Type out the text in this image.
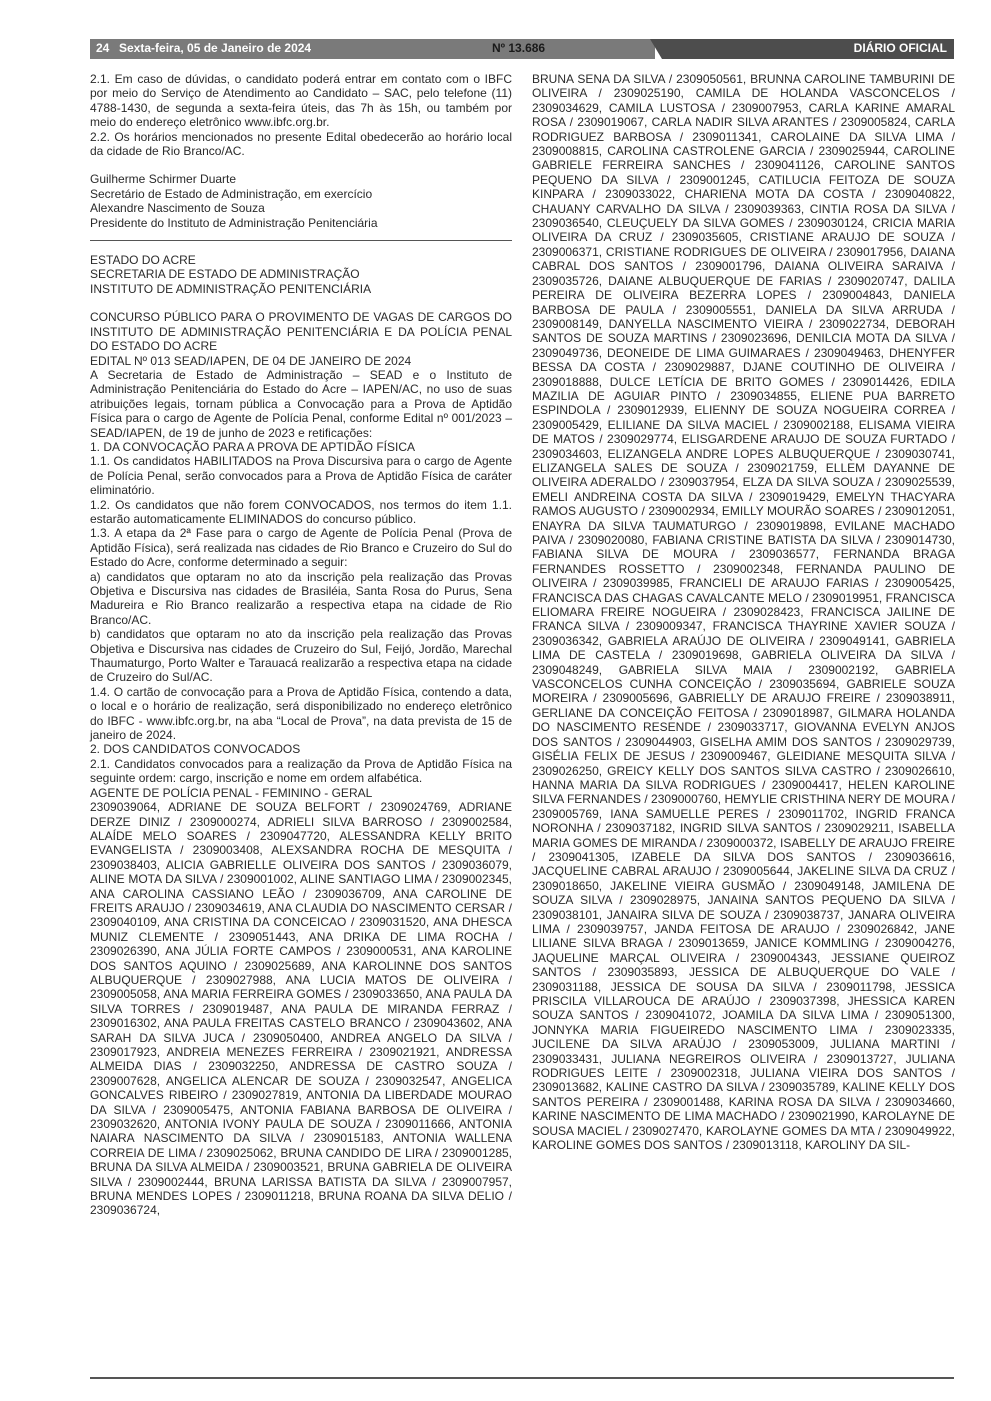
24 Sexta-feira, 05 de Janeiro de 2024	Nº 13.686	DIÁRIO OFICIAL

2.1. Em caso de dúvidas, o candidato poderá entrar em contato com o IBFC por meio do Serviço de Atendimento ao Candidato – SAC, pelo telefone (11) 4788-1430, de segunda a sexta-feira úteis, das 7h às 15h, ou também por meio do endereço eletrônico www.ibfc.org.br.

2.2. Os horários mencionados no presente Edital obedecerão ao horário local da cidade de Rio Branco/AC.

Guilherme Schirmer Duarte

Secretário de Estado de Administração, em exercício

Alexandre Nascimento de Souza

Presidente do Instituto de Administração Penitenciária

ESTADO DO ACRE

SECRETARIA DE ESTADO DE ADMINISTRAÇÃO

INSTITUTO DE ADMINISTRAÇÃO PENITENCIÁRIA

CONCURSO PÚBLICO PARA O PROVIMENTO DE VAGAS DE CARGOS DO INSTITUTO DE ADMINISTRAÇÃO PENITENCIÁRIA E DA POLÍCIA PENAL DO ESTADO DO ACRE

EDITAL Nº 013 SEAD/IAPEN, DE 04 DE JANEIRO DE 2024

A Secretaria de Estado de Administração – SEAD e o Instituto de Administração Penitenciária do Estado do Acre – IAPEN/AC, no uso de suas atribuições legais, tornam pública a Convocação para a Prova de Aptidão Física para o cargo de Agente de Polícia Penal, conforme Edital nº 001/2023 – SEAD/IAPEN, de 19 de junho de 2023 e retificações:

1. DA CONVOCAÇÃO PARA A PROVA DE APTIDÃO FÍSICA

1.1. Os candidatos HABILITADOS na Prova Discursiva para o cargo de Agente de Polícia Penal, serão convocados para a Prova de Aptidão Física de caráter eliminatório.

1.2. Os candidatos que não forem CONVOCADOS, nos termos do item 1.1. estarão automaticamente ELIMINADOS do concurso público.

1.3. A etapa da 2ª Fase para o cargo de Agente de Polícia Penal (Prova de Aptidão Física), será realizada nas cidades de Rio Branco e Cruzeiro do Sul do Estado do Acre, conforme determinado a seguir:

a) candidatos que optaram no ato da inscrição pela realização das Provas Objetiva e Discursiva nas cidades de Brasiléia, Santa Rosa do Purus, Sena Madureira e Rio Branco realizarão a respectiva etapa na cidade de Rio Branco/AC.

b) candidatos que optaram no ato da inscrição pela realização das Provas Objetiva e Discursiva nas cidades de Cruzeiro do Sul, Feijó, Jordão, Marechal Thaumaturgo, Porto Walter e Tarauacá realizarão a respectiva etapa na cidade de Cruzeiro do Sul/AC.

1.4. O cartão de convocação para a Prova de Aptidão Física, contendo a data, o local e o horário de realização, será disponibilizado no endereço eletrônico do IBFC - www.ibfc.org.br, na aba “Local de Prova”, na data prevista de 15 de janeiro de 2024.

2. DOS CANDIDATOS CONVOCADOS

2.1. Candidatos convocados para a realização da Prova de Aptidão Física na seguinte ordem: cargo, inscrição e nome em ordem alfabética.

AGENTE DE POLÍCIA PENAL - FEMININO - GERAL

2309039064, ADRIANE DE SOUZA BELFORT / 2309024769, ADRIANE DERZE DINIZ / 2309000274, ADRIELI SILVA BARROSO / 2309002584, ALAÍDE MELO SOARES / 2309047720, ALESSANDRA KELLY BRITO EVANGELISTA / 2309003408, ALEXSANDRA ROCHA DE MESQUITA / 2309038403, ALICIA GABRIELLE OLIVEIRA DOS SANTOS / 2309036079, ALINE MOTA DA SILVA / 2309001002, ALINE SANTIAGO LIMA / 2309002345, ANA CAROLINA CASSIANO LEÃO / 2309036709, ANA CAROLINE DE FREITS ARAUJO / 2309034619, ANA CLAUDIA DO NASCIMENTO CERSAR / 2309040109, ANA CRISTINA DA CONCEICAO / 2309031520, ANA DHESCA MUNIZ CLEMENTE / 2309051443, ANA DRIKA DE LIMA ROCHA / 2309026390, ANA JÚLIA FORTE CAMPOS / 2309000531, ANA KAROLINE DOS SANTOS AQUINO / 2309025689, ANA KAROLINNE DOS SANTOS ALBUQUERQUE / 2309027988, ANA LUCIA MATOS DE OLIVEIRA / 2309005058, ANA MARIA FERREIRA GOMES / 2309033650, ANA PAULA DA SILVA TORRES / 2309019487, ANA PAULA DE MIRANDA FERRAZ / 2309016302, ANA PAULA FREITAS CASTELO BRANCO / 2309043602, ANA SARAH DA SILVA JUCA / 2309050400, ANDREA ANGELO DA SILVA / 2309017923, ANDREIA MENEZES FERREIRA / 2309021921, ANDRESSA ALMEIDA DIAS / 2309032250, ANDRESSA DE CASTRO SOUZA / 2309007628, ANGELICA ALENCAR DE SOUZA / 2309032547, ANGELICA GONCALVES RIBEIRO / 2309027819, ANTONIA DA LIBERDADE MOURAO DA SILVA / 2309005475, ANTONIA FABIANA BARBOSA DE OLIVEIRA / 2309032620, ANTONIA IVONY PAULA DE SOUZA / 2309011666, ANTONIA NAIARA NASCIMENTO DA SILVA / 2309015183, ANTONIA WALLENA CORREIA DE LIMA / 2309025062, BRUNA CANDIDO DE LIRA / 2309001285, BRUNA DA SILVA ALMEIDA / 2309003521, BRUNA GABRIELA DE OLIVEIRA SILVA / 2309002444, BRUNA LARISSA BATISTA DA SILVA / 2309007957, BRUNA MENDES LOPES / 2309011218, BRUNA ROANA DA SILVA DELIO / 2309036724,

BRUNA SENA DA SILVA / 2309050561, BRUNNA CAROLINE TAMBURINI DE OLIVEIRA / 2309025190, CAMILA DE HOLANDA VASCONCELOS / 2309034629, CAMILA LUSTOSA / 2309007953, CARLA KARINE AMARAL ROSA / 2309019067, CARLA NADIR SILVA ARANTES / 2309005824, CARLA RODRIGUEZ BARBOSA / 2309011341, CAROLAINE DA SILVA LIMA / 2309008815, CAROLINA CASTROLENE GARCIA / 2309025944, CAROLINE GABRIELE FERREIRA SANCHES / 2309041126, CAROLINE SANTOS PEQUENO DA SILVA / 2309001245, CATILUCIA FEITOZA DE SOUZA KINPARA / 2309033022, CHARIENA MOTA DA COSTA / 2309040822, CHAUANY CARVALHO DA SILVA / 2309039363, CINTIA ROSA DA SILVA / 2309036540, CLEUÇUELY DA SILVA GOMES / 2309030124, CRICIA MARIA OLIVEIRA DA CRUZ / 2309035605, CRISTIANE ARAUJO DE SOUZA / 2309006371, CRISTIANE RODRIGUES DE OLIVEIRA / 2309017956, DAIANA CABRAL DOS SANTOS / 2309001796, DAIANA OLIVEIRA SARAIVA / 2309035726, DAIANE ALBUQUERQUE DE FARIAS / 2309020747, DALILA PEREIRA DE OLIVEIRA BEZERRA LOPES / 2309004843, DANIELA BARBOSA DE PAULA / 2309005551, DANIELA DA SILVA ARRUDA / 2309008149, DANYELLA NASCIMENTO VIEIRA / 2309022734, DEBORAH SANTOS DE SOUZA MARTINS / 2309023696, DENILCIA MOTA DA SILVA / 2309049736, DEONEIDE DE LIMA GUIMARAES / 2309049463, DHENYFER BESSA DA COSTA / 2309029887, DJANE COUTINHO DE OLIVEIRA / 2309018888, DULCE LETÍCIA DE BRITO GOMES / 2309014426, EDILA MAZILIA DE AGUIAR PINTO / 2309034855, ELIENE PUA BARRETO ESPINDOLA / 2309012939, ELIENNY DE SOUZA NOGUEIRA CORREA / 2309005429, ELILIANE DA SILVA MACIEL / 2309002188, ELISAMA VIEIRA DE MATOS / 2309029774, ELISGARDENE ARAUJO DE SOUZA FURTADO / 2309034603, ELIZANGELA ANDRE LOPES ALBUQUERQUE / 2309030741, ELIZANGELA SALES DE SOUZA / 2309021759, ELLEM DAYANNE DE OLIVEIRA ADERALDO / 2309037954, ELZA DA SILVA SOUZA / 2309025539, EMELI ANDREINA COSTA DA SILVA / 2309019429, EMELYN THACYARA RAMOS AUGUSTO / 2309002934, EMILLY MOURÃO SOARES / 2309012051, ENAYRA DA SILVA TAUMATURGO / 2309019898, EVILANE MACHADO PAIVA / 2309020080, FABIANA CRISTINE BATISTA DA SILVA / 2309014730, FABIANA SILVA DE MOURA / 2309036577, FERNANDA BRAGA FERNANDES ROSSETTO / 2309002348, FERNANDA PAULINO DE OLIVEIRA / 2309039985, FRANCIELI DE ARAUJO FARIAS / 2309005425, FRANCISCA DAS CHAGAS CAVALCANTE MELO / 2309019951, FRANCISCA ELIOMARA FREIRE NOGUEIRA / 2309028423, FRANCISCA JAILINE DE FRANCA SILVA / 2309009347, FRANCISCA THAYRINE XAVIER SOUZA / 2309036342, GABRIELA ARAÚJO DE OLIVEIRA / 2309049141, GABRIELA LIMA DE CASTELA / 2309019698, GABRIELA OLIVEIRA DA SILVA / 2309048249, GABRIELA SILVA MAIA / 2309002192, GABRIELA VASCONCELOS CUNHA CONCEIÇÃO / 2309035694, GABRIELE SOUZA MOREIRA / 2309005696, GABRIELLY DE ARAUJO FREIRE / 2309038911, GERLIANE DA CONCEIÇÃO FEITOSA / 2309018987, GILMARA HOLANDA DO NASCIMENTO RESENDE / 2309033717, GIOVANNA EVELYN ANJOS DOS SANTOS / 2309044903, GISELHA AMIM DOS SANTOS / 2309029739, GISÉLIA FELIX DE JESUS / 2309009467, GLEIDIANE MESQUITA SILVA / 2309026250, GREICY KELLY DOS SANTOS SILVA CASTRO / 2309026610, HANNA MARIA DA SILVA RODRIGUES / 2309004417, HELEN KAROLINE SILVA FERNANDES / 2309000760, HEMYLIE CRISTHINA NERY DE MOURA / 2309005769, IANA SAMUELLE PERES / 2309011702, INGRID FRANCA NORONHA / 2309037182, INGRID SILVA SANTOS / 2309029211, ISABELLA MARIA GOMES DE MIRANDA / 2309000372, ISABELLY DE ARAUJO FREIRE / 2309041305, IZABELE DA SILVA DOS SANTOS / 2309036616, JACQUELINE CABRAL ARAUJO / 2309005644, JAKELINE SILVA DA CRUZ / 2309018650, JAKELINE VIEIRA GUSMÃO / 2309049148, JAMILENA DE SOUZA SILVA / 2309028975, JANAINA SANTOS PEQUENO DA SILVA / 2309038101, JANAIRA SILVA DE SOUZA / 2309038737, JANARA OLIVEIRA LIMA / 2309039757, JANDA FEITOSA DE ARAUJO / 2309026842, JANE LILIANE SILVA BRAGA / 2309013659, JANICE KOMMLING / 2309004276, JAQUELINE MARÇAL OLIVEIRA / 2309004343, JESSIANE QUEIROZ SANTOS / 2309035893, JESSICA DE ALBUQUERQUE DO VALE / 2309031188, JESSICA DE SOUSA DA SILVA / 2309011798, JESSICA PRISCILA VILLAROUCA DE ARAÚJO / 2309037398, JHESSICA KAREN SOUZA SANTOS / 2309041072, JOAMILA DA SILVA LIMA / 2309051300, JONNYKA MARIA FIGUEIREDO NASCIMENTO LIMA / 2309023335, JUCILENE DA SILVA ARAÚJO / 2309053009, JULIANA MARTINI / 2309033431, JULIANA NEGREIROS OLIVEIRA / 2309013727, JULIANA RODRIGUES LEITE / 2309002318, JULIANA VIEIRA DOS SANTOS / 2309013682, KALINE CASTRO DA SILVA / 2309035789, KALINE KELLY DOS SANTOS PEREIRA / 2309001488, KARINA ROSA DA SILVA / 2309034660, KARINE NASCIMENTO DE LIMA MACHADO / 2309021990, KAROLAYNE DE SOUSA MACIEL / 2309027470, KAROLAYNE GOMES DA MTA / 2309049922, KAROLINE GOMES DOS SANTOS / 2309013118, KAROLINY DA SIL-
